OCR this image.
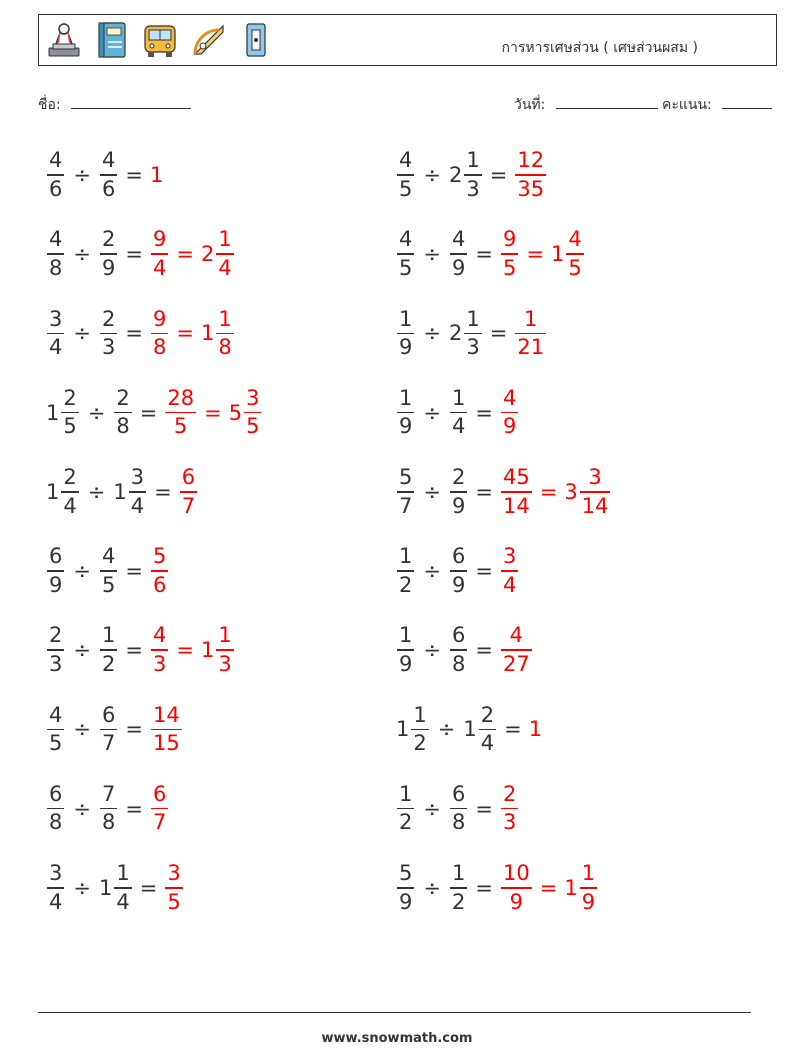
การหารเศษส่วน ( เศษส่วนผสม )
ชื่อ:	วันที่:	คะแนน:
$\frac{4}{6} \div \frac{4}{6} = 1$	$\frac{4}{5} \div 2 \frac{1}{3} = \frac{12}{35}$
$\frac{4}{8} \div \frac{2}{9} = \frac{9}{4} = 2 \frac{1}{4}$	$\frac{4}{5} \div \frac{4}{9} = \frac{9}{5} = 1 \frac{4}{5}$
$\frac{3}{4} \div \frac{2}{3} = \frac{9}{8} = 1 \frac{1}{8}$	$\frac{1}{9} \div 2 \frac{1}{3} = \frac{1}{21}$
$1 \frac{2}{5} \div \frac{2}{8} = \frac{28}{5} = 5 \frac{3}{5}$	$\frac{1}{9} \div \frac{1}{4} = \frac{4}{9}$
$1 \frac{2}{4} \div 1 \frac{3}{4} = \frac{6}{7}$	$\frac{5}{7} \div \frac{2}{9} = \frac{45}{14} = 3 \frac{3}{14}$
$\frac{6}{9} \div \frac{4}{5} = \frac{5}{6}$	$\frac{1}{2} \div \frac{6}{9} = \frac{3}{4}$
$\frac{2}{3} \div \frac{1}{2} = \frac{4}{3} = 1 \frac{1}{3}$	$\frac{1}{9} \div \frac{6}{8} = \frac{4}{27}$
$\frac{4}{5} \div \frac{6}{7} = \frac{14}{15}$	$1 \frac{1}{2} \div 1 \frac{2}{4} = 1$
$\frac{6}{8} \div \frac{7}{8} = \frac{6}{7}$	$\frac{1}{2} \div \frac{6}{8} = \frac{2}{3}$
$\frac{3}{4} \div 1 \frac{1}{4} = \frac{3}{5}$	$\frac{5}{9} \div \frac{1}{2} = \frac{10}{9} = 1 \frac{1}{9}$
www.snowmath.com
